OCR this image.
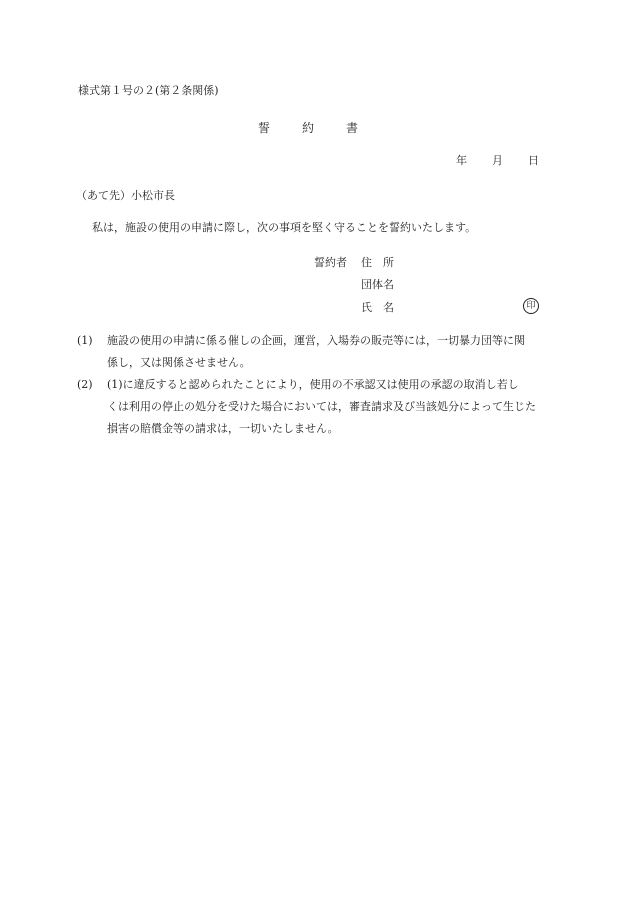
様式第１号の２(第２条関係)
誓	約	書
年 月 日
（あて先）小松市長
私は，施設の使用の申請に際し，次の事項を堅く守ることを誓約いたします。
誓約者 住　所
団体名
氏　名	印
(1) 施設の使用の申請に係る催しの企画，運営，入場券の販売等には，一切暴力団等に関
係し，又は関係させません。
(2) (1)に違反すると認められたことにより，使用の不承認又は使用の承認の取消し若し
くは利用の停止の処分を受けた場合においては，審査請求及び当該処分によって生じた
損害の賠償金等の請求は，一切いたしません。
